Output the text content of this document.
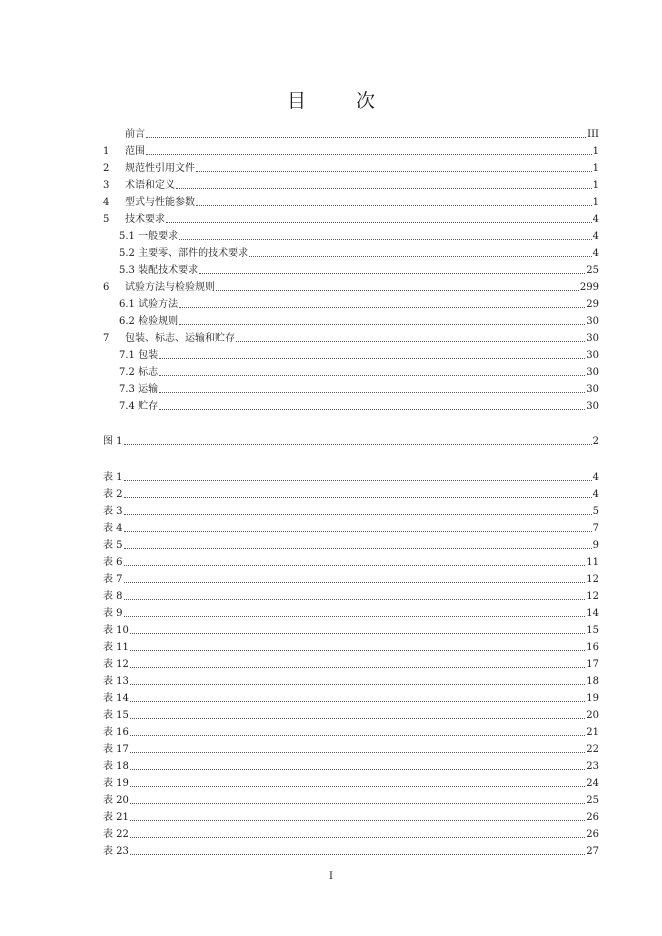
目 次
前言	III
1	范围	1
2	规范性引用文件	1
3	术语和定义	1
4	型式与性能参数	1
5	技术要求	4
5.1 一般要求	4
5.2 主要零、部件的技术要求	4
5.3 装配技术要求	25
6	试验方法与检验规则	299
6.1 试验方法	29
6.2 检验规则	30
7	包装、标志、运输和贮存	30
7.1 包装	30
7.2 标志	30
7.3 运输	30
7.4 贮存	30
图 1	2
表 1	4
表 2	4
表 3	5
表 4	7
表 5	9
表 6	11
表 7	12
表 8	12
表 9	14
表 10	15
表 11	16
表 12	17
表 13	18
表 14	19
表 15	20
表 16	21
表 17	22
表 18	23
表 19	24
表 20	25
表 21	26
表 22	26
表 23	27
I
